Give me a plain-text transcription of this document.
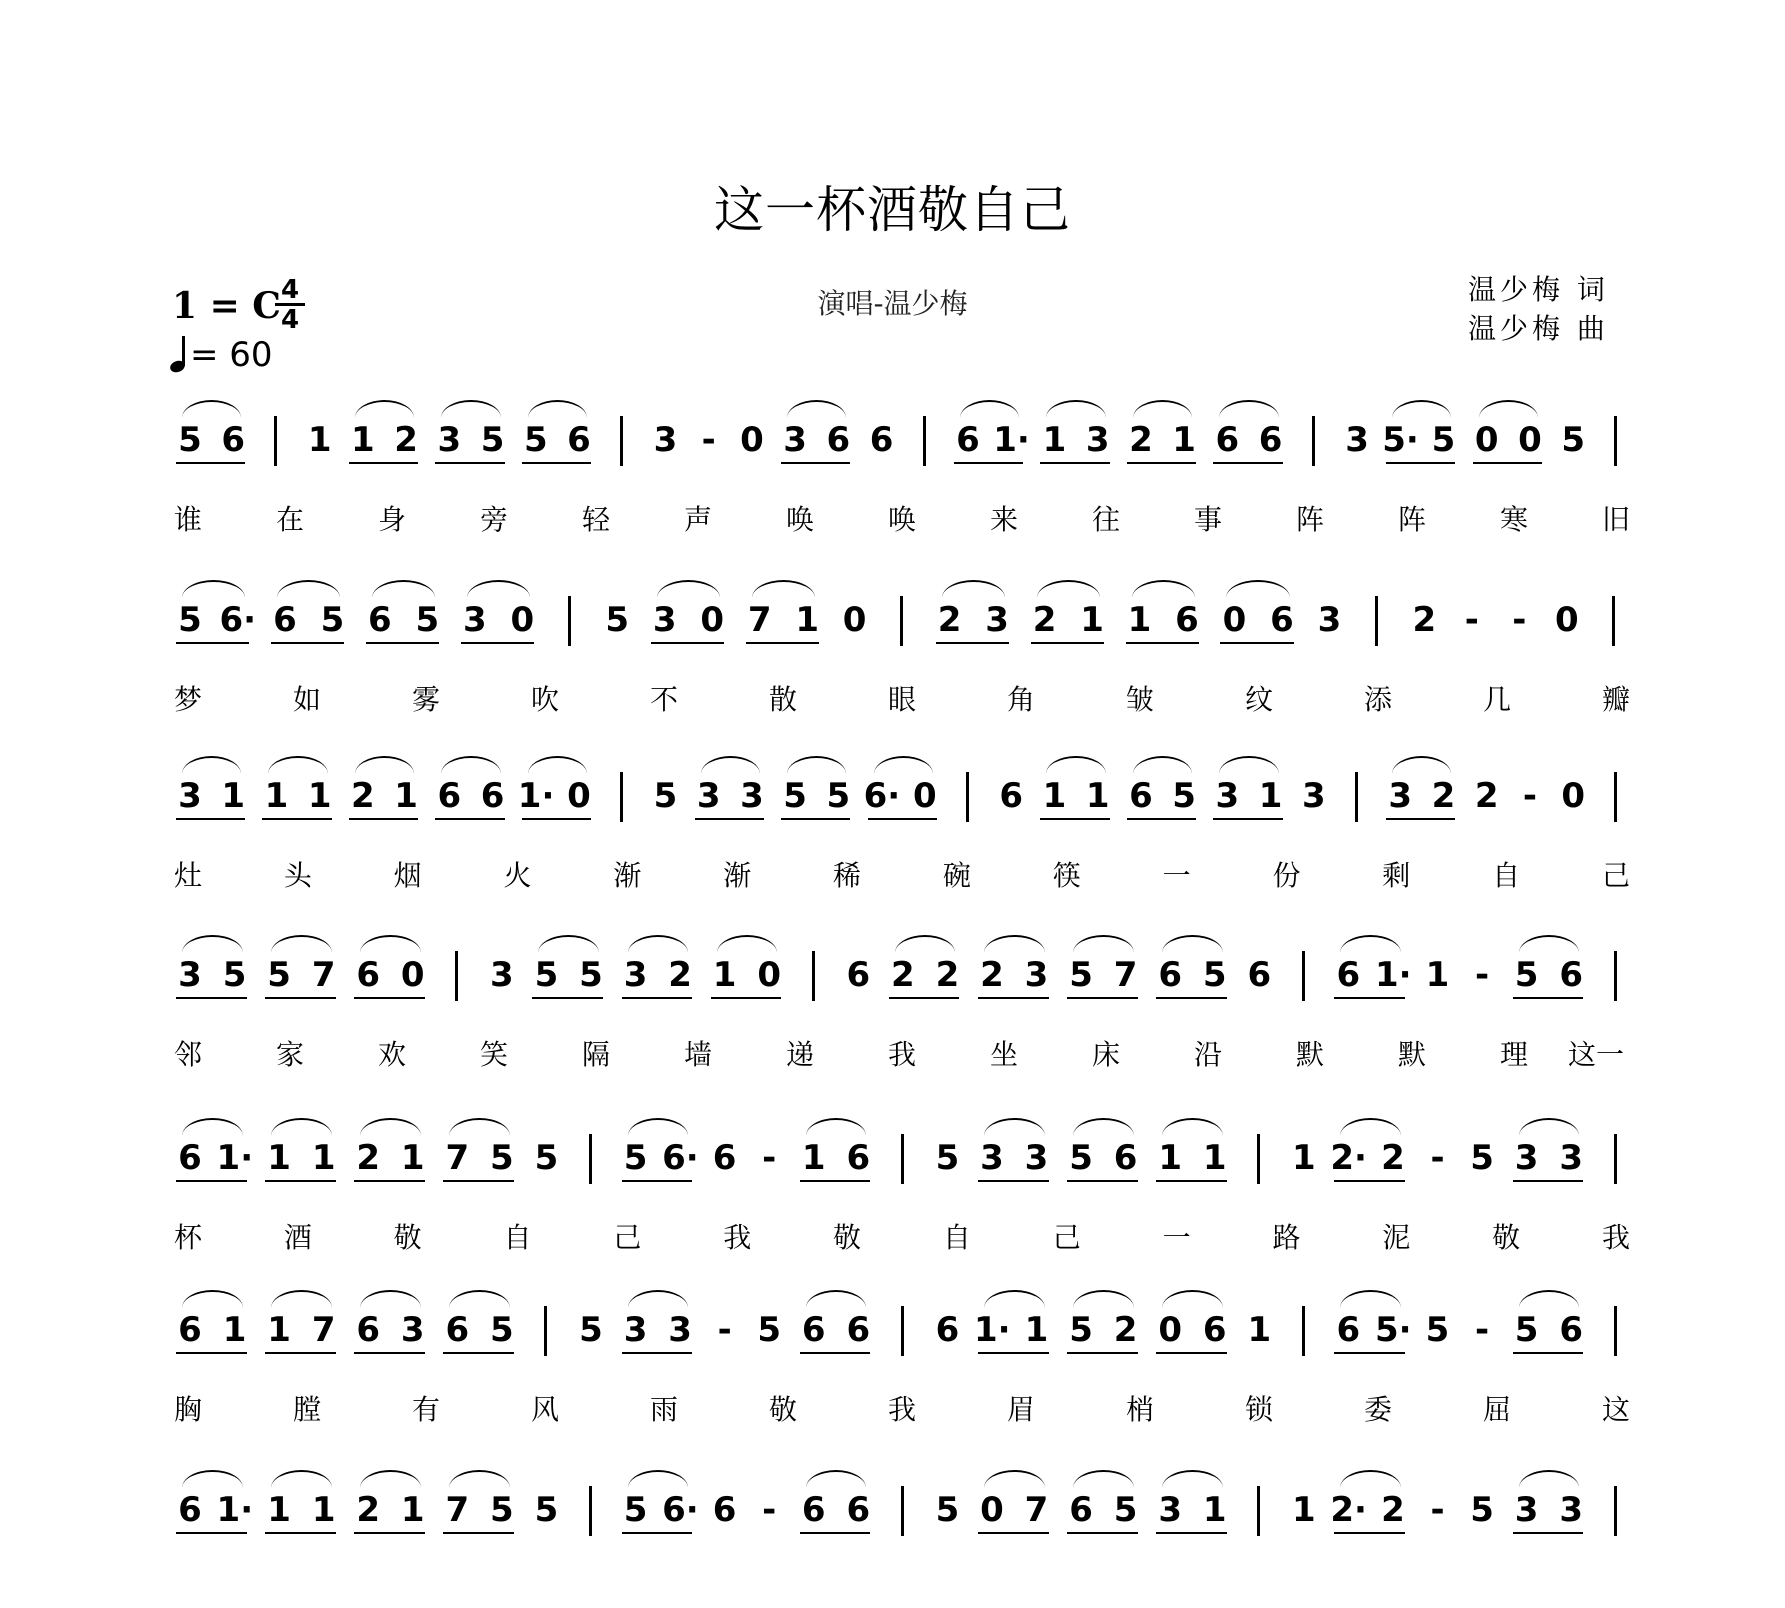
这一杯酒敬自己
演唱-温少梅	温少梅 词
温少梅 曲
1 = C 4
4
= 60
5 6 1 1 2 3 5 5 6 3 - 0 3 6 6 6 1· 1 3 2 1 6 6 3 5· 5 0 0 5
谁	在	身	旁	轻	声	唤	唤	来	往	事	阵	阵	寒	旧
5 6· 6 5 6 5 3 0 5 3 0 7 1 0 2 3 2 1 1 6 0 6 3 2 - - 0
梦	如	雾	吹	不	散	眼	角	皱	纹	添	几	瓣
3 1 1 1 2 1 6 6 1· 0 5 3 3 5 5 6· 0 6 1 1 6 5 3 1 3 3 2 2 - 0
灶	头	烟	火	渐	渐	稀	碗	筷	一	份	剩	自	己
3 5 5 7 6 0 3 5 5 3 2 1 0 6 2 2 2 3 5 7 6 5 6 6 1· 1 - 5 6
邻	家	欢	笑	隔	墙	递	我	坐	床	沿	默	默	理	这一
6 1· 1 1 2 1 7 5 5 5 6· 6 - 1 6 5 3 3 5 6 1 1 1 2· 2 - 5 3 3
杯	酒	敬	自	己	我	敬	自	己	一	路	泥	敬	我
6 1 1 7 6 3 6 5 5 3 3 - 5 6 6 6 1· 1 5 2 0 6 1 6 5· 5 - 5 6
胸	膛	有	风	雨	敬	我	眉	梢	锁	委	屈	这
6 1· 1 1 2 1 7 5 5 5 6· 6 - 6 6 5 0 7 6 5 3 1 1 2· 2 - 5 3 3
